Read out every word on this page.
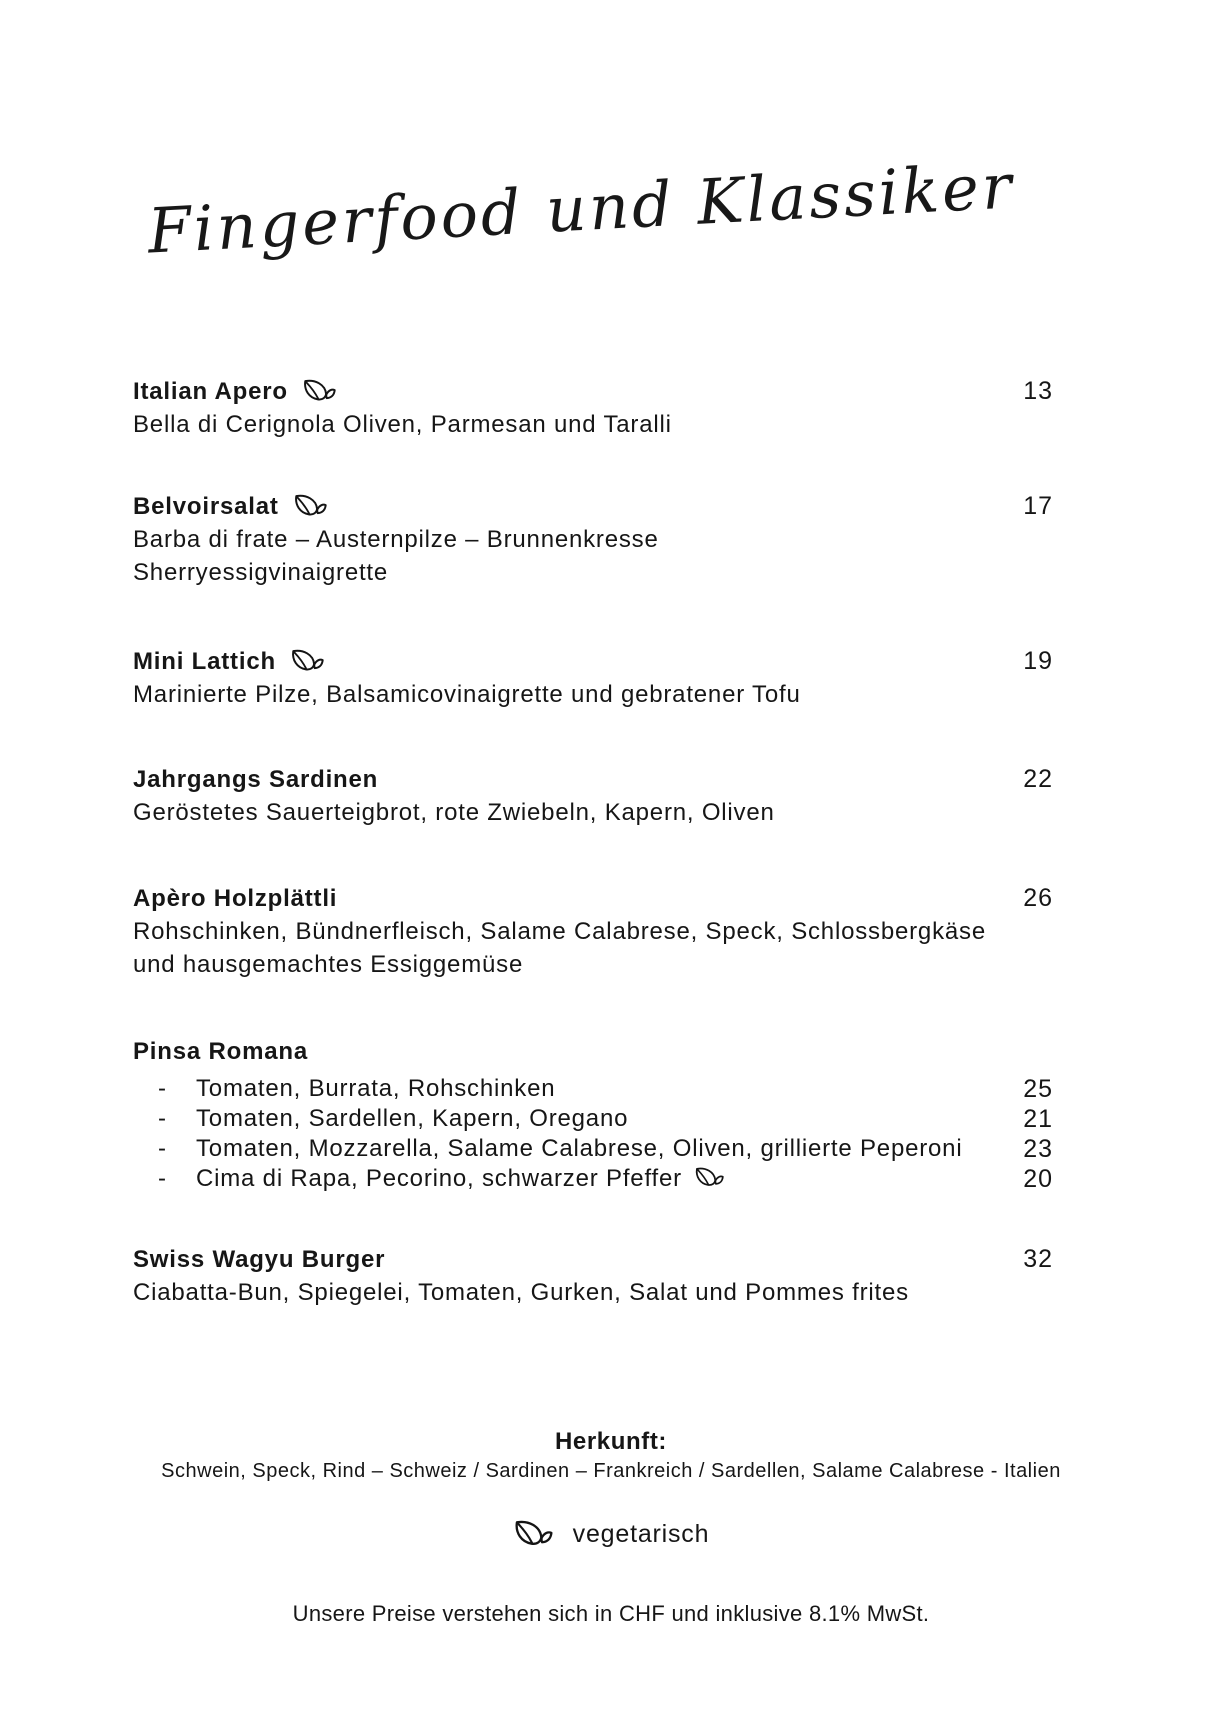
Fingerfood und Klassiker
Italian Apero	13
Bella di Cerignola Oliven, Parmesan und Taralli
Belvoirsalat	17
Barba di frate – Austernpilze – Brunnenkresse
Sherryessigvinaigrette
Mini Lattich	19
Marinierte Pilze, Balsamicovinaigrette und gebratener Tofu
Jahrgangs Sardinen	22
Geröstetes Sauerteigbrot, rote Zwiebeln, Kapern, Oliven
Apèro Holzplättli	26
Rohschinken, Bündnerfleisch, Salame Calabrese, Speck, Schlossbergkäse
und hausgemachtes Essiggemüse
Pinsa Romana
-	Tomaten, Burrata, Rohschinken	25
-	Tomaten, Sardellen, Kapern, Oregano	21
-	Tomaten, Mozzarella, Salame Calabrese, Oliven, grillierte Peperoni 23
-	Cima di Rapa, Pecorino, schwarzer Pfeffer	20
Swiss Wagyu Burger	32
Ciabatta-Bun, Spiegelei, Tomaten, Gurken, Salat und Pommes frites
Herkunft:
Schwein, Speck, Rind – Schweiz / Sardinen – Frankreich / Sardellen, Salame Calabrese - Italien
vegetarisch
Unsere Preise verstehen sich in CHF und inklusive 8.1% MwSt.
